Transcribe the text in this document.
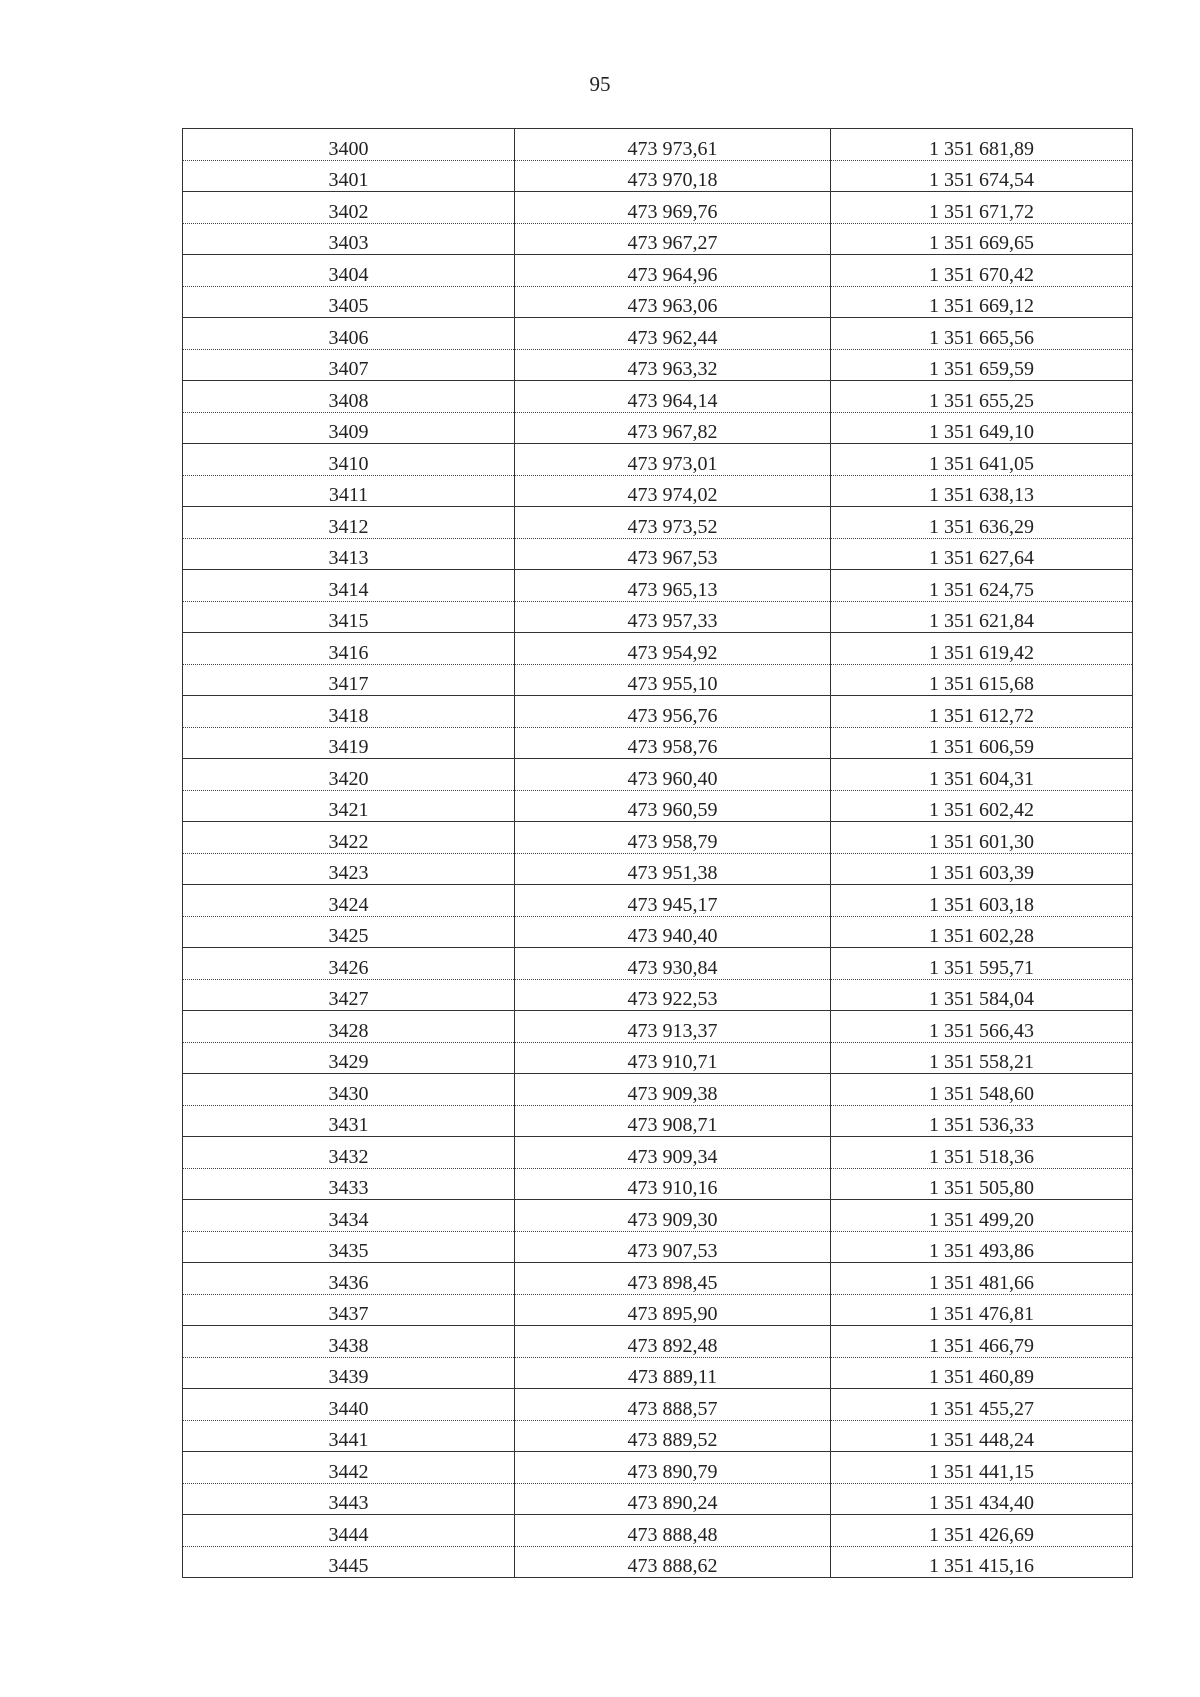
95
3400	473 973,61	1 351 681,89
3401	473 970,18	1 351 674,54
3402	473 969,76	1 351 671,72
3403	473 967,27	1 351 669,65
3404	473 964,96	1 351 670,42
3405	473 963,06	1 351 669,12
3406	473 962,44	1 351 665,56
3407	473 963,32	1 351 659,59
3408	473 964,14	1 351 655,25
3409	473 967,82	1 351 649,10
3410	473 973,01	1 351 641,05
3411	473 974,02	1 351 638,13
3412	473 973,52	1 351 636,29
3413	473 967,53	1 351 627,64
3414	473 965,13	1 351 624,75
3415	473 957,33	1 351 621,84
3416	473 954,92	1 351 619,42
3417	473 955,10	1 351 615,68
3418	473 956,76	1 351 612,72
3419	473 958,76	1 351 606,59
3420	473 960,40	1 351 604,31
3421	473 960,59	1 351 602,42
3422	473 958,79	1 351 601,30
3423	473 951,38	1 351 603,39
3424	473 945,17	1 351 603,18
3425	473 940,40	1 351 602,28
3426	473 930,84	1 351 595,71
3427	473 922,53	1 351 584,04
3428	473 913,37	1 351 566,43
3429	473 910,71	1 351 558,21
3430	473 909,38	1 351 548,60
3431	473 908,71	1 351 536,33
3432	473 909,34	1 351 518,36
3433	473 910,16	1 351 505,80
3434	473 909,30	1 351 499,20
3435	473 907,53	1 351 493,86
3436	473 898,45	1 351 481,66
3437	473 895,90	1 351 476,81
3438	473 892,48	1 351 466,79
3439	473 889,11	1 351 460,89
3440	473 888,57	1 351 455,27
3441	473 889,52	1 351 448,24
3442	473 890,79	1 351 441,15
3443	473 890,24	1 351 434,40
3444	473 888,48	1 351 426,69
3445	473 888,62	1 351 415,16
